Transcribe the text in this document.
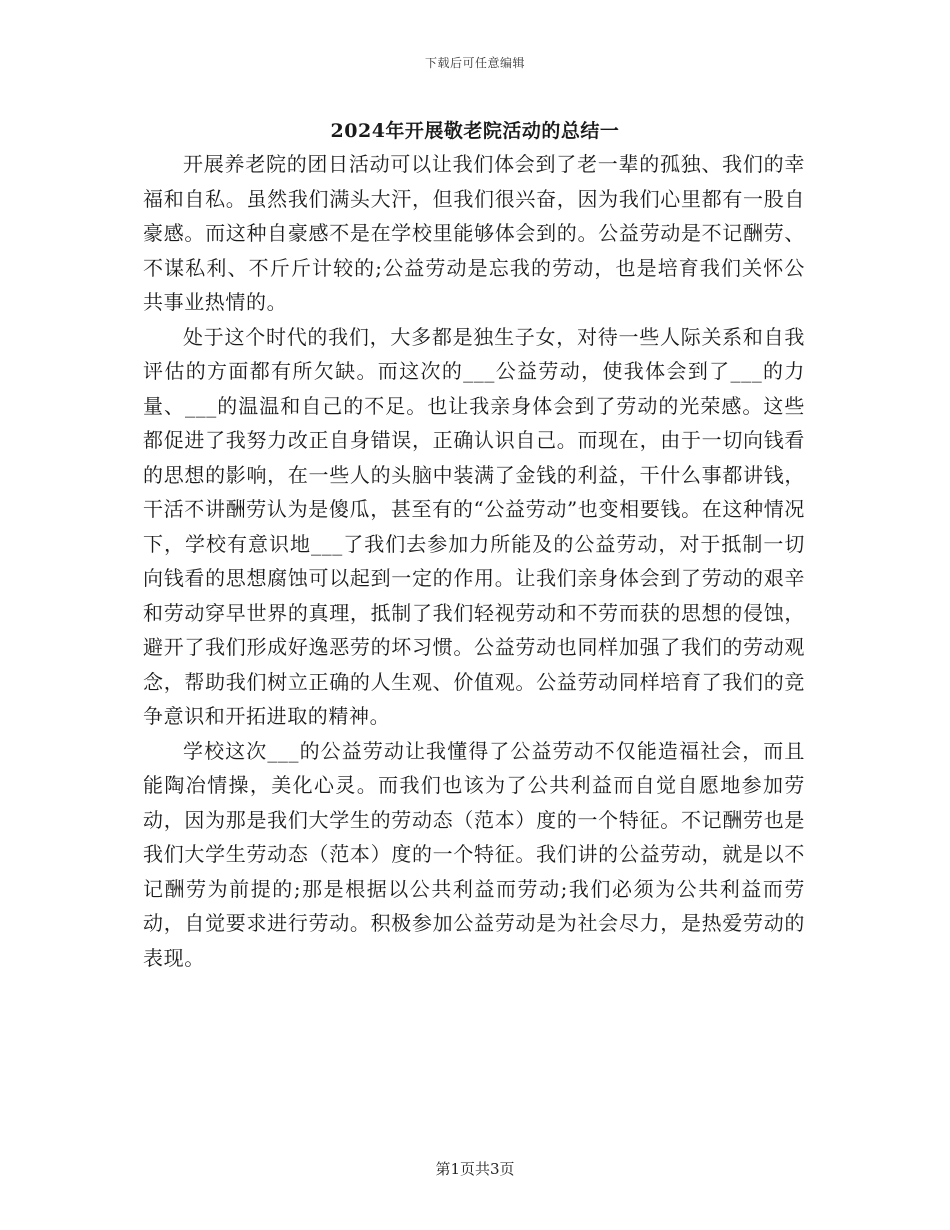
下载后可任意编辑
2024年开展敬老院活动的总结一

开展养老院的团日活动可以让我们体会到了老一辈的孤独、我们的幸福和自私。虽然我们满头大汗，但我们很兴奋，因为我们心里都有一股自豪感。而这种自豪感不是在学校里能够体会到的。公益劳动是不记酬劳、不谋私利、不斤斤计较的;公益劳动是忘我的劳动，也是培育我们关怀公共事业热情的。

处于这个时代的我们，大多都是独生子女，对待一些人际关系和自我评估的方面都有所欠缺。而这次的___公益劳动，使我体会到了___的力量、___的温温和自己的不足。也让我亲身体会到了劳动的光荣感。这些都促进了我努力改正自身错误，正确认识自己。而现在，由于一切向钱看的思想的影响，在一些人的头脑中装满了金钱的利益，干什么事都讲钱，干活不讲酬劳认为是傻瓜，甚至有的“公益劳动”也变相要钱。在这种情况下，学校有意识地___了我们去参加力所能及的公益劳动，对于抵制一切向钱看的思想腐蚀可以起到一定的作用。让我们亲身体会到了劳动的艰辛和劳动穿早世界的真理，抵制了我们轻视劳动和不劳而获的思想的侵蚀，避开了我们形成好逸恶劳的坏习惯。公益劳动也同样加强了我们的劳动观念，帮助我们树立正确的人生观、价值观。公益劳动同样培育了我们的竞争意识和开拓进取的精神。

学校这次___的公益劳动让我懂得了公益劳动不仅能造福社会，而且能陶冶情操，美化心灵。而我们也该为了公共利益而自觉自愿地参加劳动，因为那是我们大学生的劳动态（范本）度的一个特征。不记酬劳也是我们大学生劳动态（范本）度的一个特征。我们讲的公益劳动，就是以不记酬劳为前提的;那是根据以公共利益而劳动;我们必须为公共利益而劳动，自觉要求进行劳动。积极参加公益劳动是为社会尽力，是热爱劳动的表现。

第1页共3页
